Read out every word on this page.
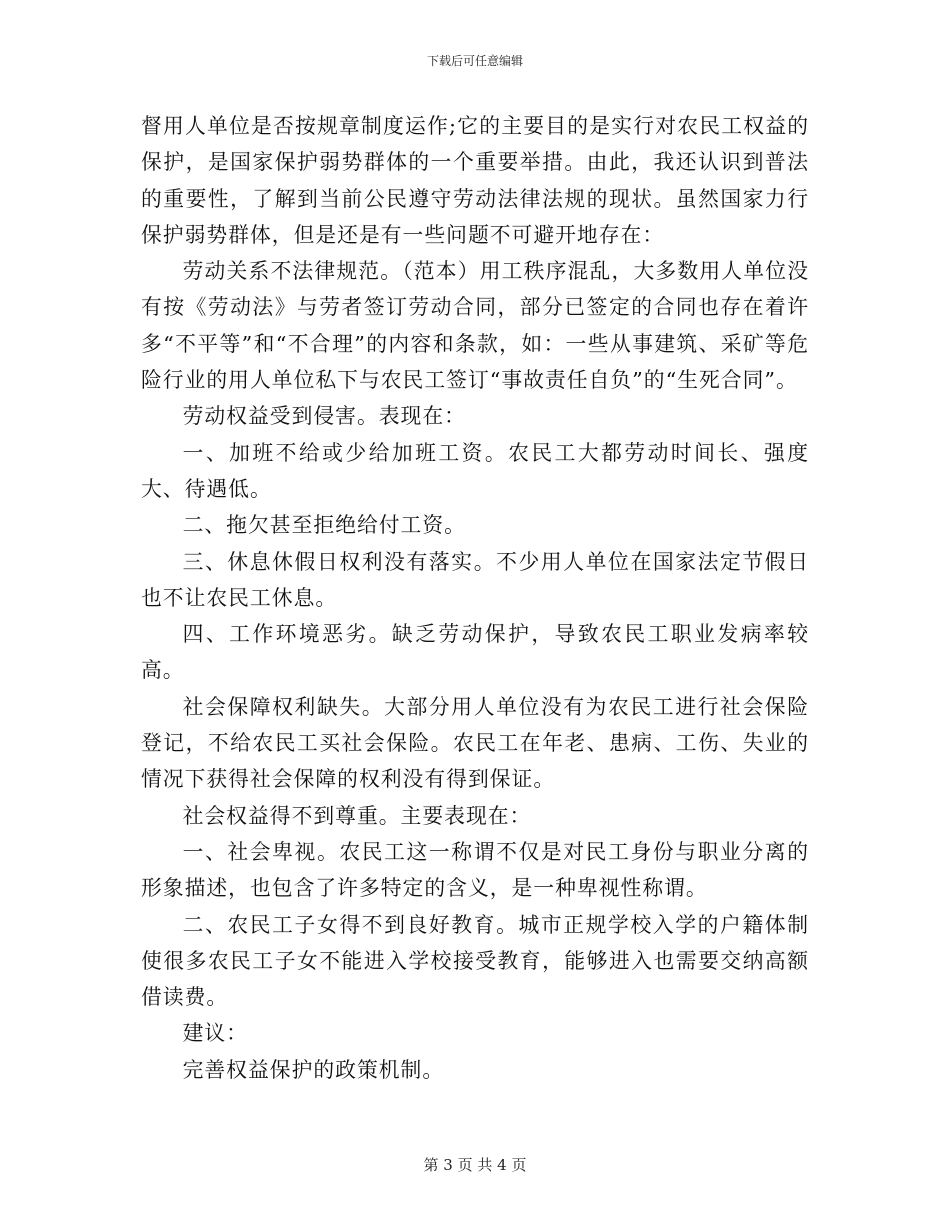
下载后可任意编辑

督用人单位是否按规章制度运作;它的主要目的是实行对农民工权益的保护，是国家保护弱势群体的一个重要举措。由此，我还认识到普法的重要性，了解到当前公民遵守劳动法律法规的现状。虽然国家力行保护弱势群体，但是还是有一些问题不可避开地存在：

劳动关系不法律规范。（范本）用工秩序混乱，大多数用人单位没有按《劳动法》与劳者签订劳动合同，部分已签定的合同也存在着许多“不平等”和“不合理”的内容和条款，如：一些从事建筑、采矿等危险行业的用人单位私下与农民工签订“事故责任自负”的“生死合同”。

劳动权益受到侵害。表现在：

一、加班不给或少给加班工资。农民工大都劳动时间长、强度大、待遇低。

二、拖欠甚至拒绝给付工资。

三、休息休假日权利没有落实。不少用人单位在国家法定节假日也不让农民工休息。

四、工作环境恶劣。缺乏劳动保护，导致农民工职业发病率较高。

社会保障权利缺失。大部分用人单位没有为农民工进行社会保险登记，不给农民工买社会保险。农民工在年老、患病、工伤、失业的情况下获得社会保障的权利没有得到保证。

社会权益得不到尊重。主要表现在：

一、社会卑视。农民工这一称谓不仅是对民工身份与职业分离的形象描述，也包含了许多特定的含义，是一种卑视性称谓。

二、农民工子女得不到良好教育。城市正规学校入学的户籍体制使很多农民工子女不能进入学校接受教育，能够进入也需要交纳高额借读费。

建议：

完善权益保护的政策机制。

第 3 页 共 4 页
